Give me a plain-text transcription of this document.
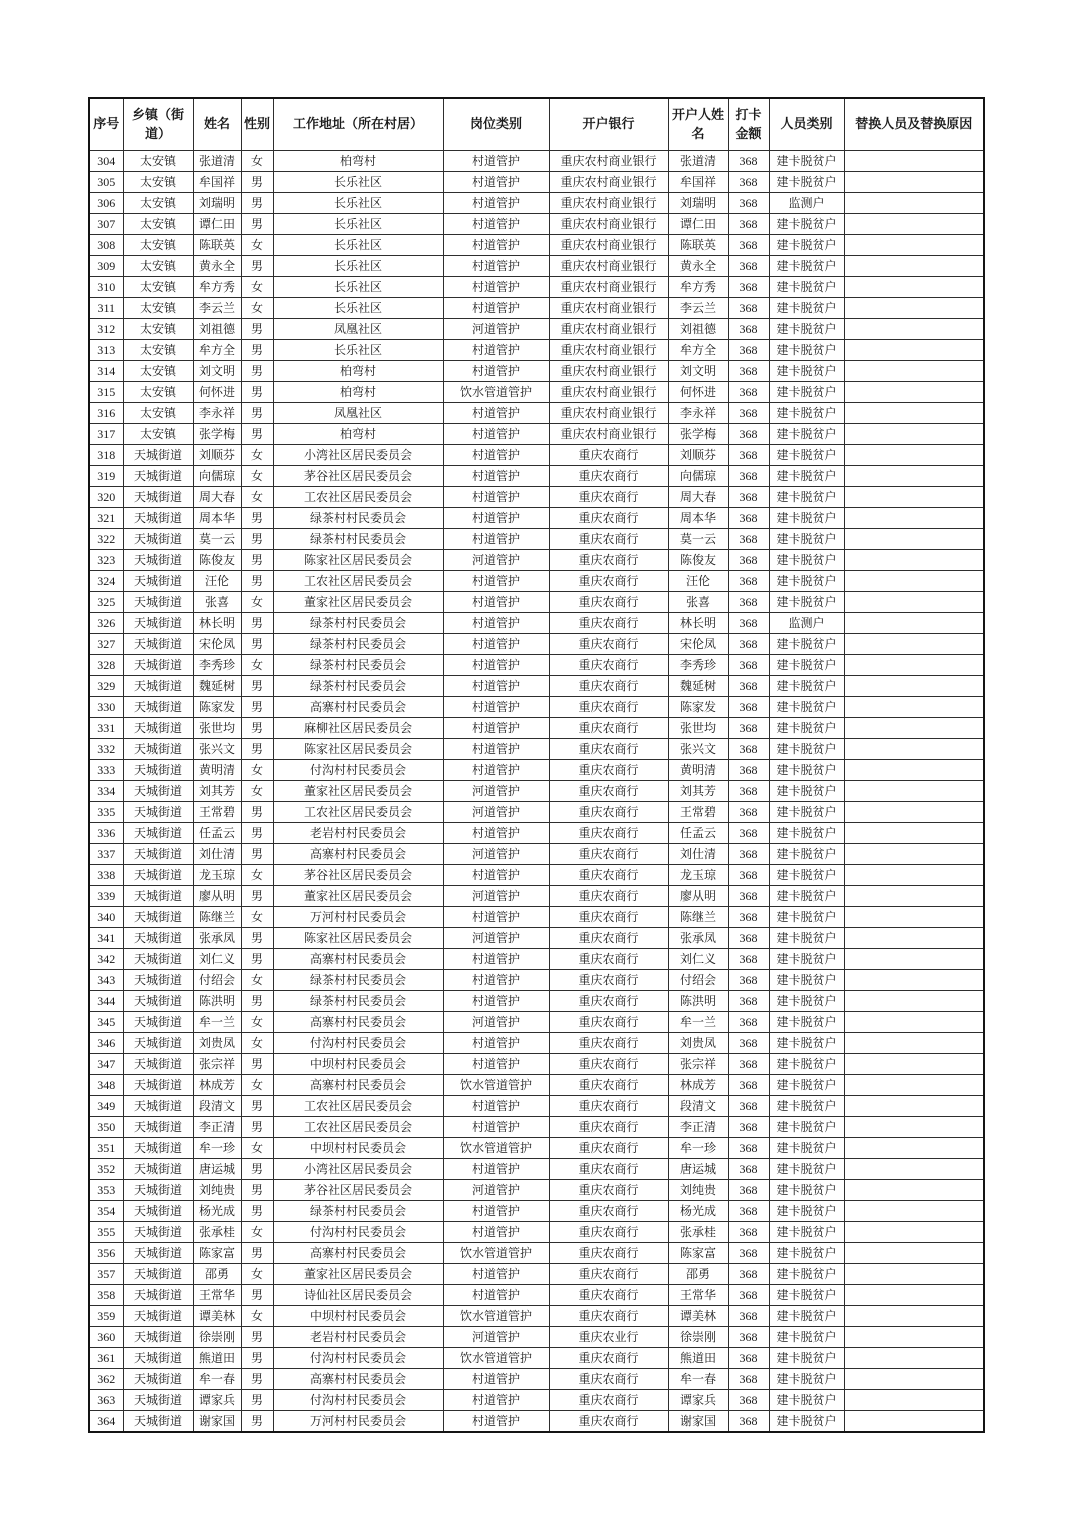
序号	乡镇（街道）	姓名	性别	工作地址（所在村居）	岗位类别	开户银行	开户人姓名	打卡金额	人员类别	替换人员及替换原因
304	太安镇	张道清	女	柏弯村	村道管护	重庆农村商业银行	张道清	368	建卡脱贫户	
305	太安镇	牟国祥	男	长乐社区	村道管护	重庆农村商业银行	牟国祥	368	建卡脱贫户	
306	太安镇	刘瑞明	男	长乐社区	村道管护	重庆农村商业银行	刘瑞明	368	监测户	
307	太安镇	谭仁田	男	长乐社区	村道管护	重庆农村商业银行	谭仁田	368	建卡脱贫户	
308	太安镇	陈联英	女	长乐社区	村道管护	重庆农村商业银行	陈联英	368	建卡脱贫户	
309	太安镇	黄永全	男	长乐社区	村道管护	重庆农村商业银行	黄永全	368	建卡脱贫户	
310	太安镇	牟方秀	女	长乐社区	村道管护	重庆农村商业银行	牟方秀	368	建卡脱贫户	
311	太安镇	李云兰	女	长乐社区	村道管护	重庆农村商业银行	李云兰	368	建卡脱贫户	
312	太安镇	刘祖德	男	凤凰社区	河道管护	重庆农村商业银行	刘祖德	368	建卡脱贫户	
313	太安镇	牟方全	男	长乐社区	村道管护	重庆农村商业银行	牟方全	368	建卡脱贫户	
314	太安镇	刘文明	男	柏弯村	村道管护	重庆农村商业银行	刘文明	368	建卡脱贫户	
315	太安镇	何怀进	男	柏弯村	饮水管道管护	重庆农村商业银行	何怀进	368	建卡脱贫户	
316	太安镇	李永祥	男	凤凰社区	村道管护	重庆农村商业银行	李永祥	368	建卡脱贫户	
317	太安镇	张学梅	男	柏弯村	村道管护	重庆农村商业银行	张学梅	368	建卡脱贫户	
318	天城街道	刘顺芬	女	小湾社区居民委员会	村道管护	重庆农商行	刘顺芬	368	建卡脱贫户	
319	天城街道	向儒琼	女	茅谷社区居民委员会	村道管护	重庆农商行	向儒琼	368	建卡脱贫户	
320	天城街道	周大春	女	工农社区居民委员会	村道管护	重庆农商行	周大春	368	建卡脱贫户	
321	天城街道	周本华	男	绿茶村村民委员会	村道管护	重庆农商行	周本华	368	建卡脱贫户	
322	天城街道	莫一云	男	绿茶村村民委员会	村道管护	重庆农商行	莫一云	368	建卡脱贫户	
323	天城街道	陈俊友	男	陈家社区居民委员会	河道管护	重庆农商行	陈俊友	368	建卡脱贫户	
324	天城街道	汪伦	男	工农社区居民委员会	村道管护	重庆农商行	汪伦	368	建卡脱贫户	
325	天城街道	张喜	女	董家社区居民委员会	村道管护	重庆农商行	张喜	368	建卡脱贫户	
326	天城街道	林长明	男	绿茶村村民委员会	村道管护	重庆农商行	林长明	368	监测户	
327	天城街道	宋伦凤	男	绿茶村村民委员会	村道管护	重庆农商行	宋伦凤	368	建卡脱贫户	
328	天城街道	李秀珍	女	绿茶村村民委员会	村道管护	重庆农商行	李秀珍	368	建卡脱贫户	
329	天城街道	魏延树	男	绿茶村村民委员会	村道管护	重庆农商行	魏延树	368	建卡脱贫户	
330	天城街道	陈家发	男	高寨村村民委员会	村道管护	重庆农商行	陈家发	368	建卡脱贫户	
331	天城街道	张世均	男	麻柳社区居民委员会	村道管护	重庆农商行	张世均	368	建卡脱贫户	
332	天城街道	张兴文	男	陈家社区居民委员会	村道管护	重庆农商行	张兴文	368	建卡脱贫户	
333	天城街道	黄明清	女	付沟村村民委员会	村道管护	重庆农商行	黄明清	368	建卡脱贫户	
334	天城街道	刘其芳	女	董家社区居民委员会	河道管护	重庆农商行	刘其芳	368	建卡脱贫户	
335	天城街道	王常碧	男	工农社区居民委员会	河道管护	重庆农商行	王常碧	368	建卡脱贫户	
336	天城街道	任孟云	男	老岩村村民委员会	村道管护	重庆农商行	任孟云	368	建卡脱贫户	
337	天城街道	刘仕清	男	高寨村村民委员会	河道管护	重庆农商行	刘仕清	368	建卡脱贫户	
338	天城街道	龙玉琼	女	茅谷社区居民委员会	村道管护	重庆农商行	龙玉琼	368	建卡脱贫户	
339	天城街道	廖从明	男	董家社区居民委员会	河道管护	重庆农商行	廖从明	368	建卡脱贫户	
340	天城街道	陈继兰	女	万河村村民委员会	村道管护	重庆农商行	陈继兰	368	建卡脱贫户	
341	天城街道	张承凤	男	陈家社区居民委员会	河道管护	重庆农商行	张承凤	368	建卡脱贫户	
342	天城街道	刘仁义	男	高寨村村民委员会	村道管护	重庆农商行	刘仁义	368	建卡脱贫户	
343	天城街道	付绍会	女	绿茶村村民委员会	村道管护	重庆农商行	付绍会	368	建卡脱贫户	
344	天城街道	陈洪明	男	绿茶村村民委员会	村道管护	重庆农商行	陈洪明	368	建卡脱贫户	
345	天城街道	牟一兰	女	高寨村村民委员会	河道管护	重庆农商行	牟一兰	368	建卡脱贫户	
346	天城街道	刘贵凤	女	付沟村村民委员会	村道管护	重庆农商行	刘贵凤	368	建卡脱贫户	
347	天城街道	张宗祥	男	中坝村村民委员会	村道管护	重庆农商行	张宗祥	368	建卡脱贫户	
348	天城街道	林成芳	女	高寨村村民委员会	饮水管道管护	重庆农商行	林成芳	368	建卡脱贫户	
349	天城街道	段清文	男	工农社区居民委员会	村道管护	重庆农商行	段清文	368	建卡脱贫户	
350	天城街道	李正清	男	工农社区居民委员会	村道管护	重庆农商行	李正清	368	建卡脱贫户	
351	天城街道	牟一珍	女	中坝村村民委员会	饮水管道管护	重庆农商行	牟一珍	368	建卡脱贫户	
352	天城街道	唐运城	男	小湾社区居民委员会	村道管护	重庆农商行	唐运城	368	建卡脱贫户	
353	天城街道	刘纯贵	男	茅谷社区居民委员会	河道管护	重庆农商行	刘纯贵	368	建卡脱贫户	
354	天城街道	杨光成	男	绿茶村村民委员会	村道管护	重庆农商行	杨光成	368	建卡脱贫户	
355	天城街道	张承桂	女	付沟村村民委员会	村道管护	重庆农商行	张承桂	368	建卡脱贫户	
356	天城街道	陈家富	男	高寨村村民委员会	饮水管道管护	重庆农商行	陈家富	368	建卡脱贫户	
357	天城街道	邵勇	女	董家社区居民委员会	村道管护	重庆农商行	邵勇	368	建卡脱贫户	
358	天城街道	王常华	男	诗仙社区居民委员会	村道管护	重庆农商行	王常华	368	建卡脱贫户	
359	天城街道	谭美林	女	中坝村村民委员会	饮水管道管护	重庆农商行	谭美林	368	建卡脱贫户	
360	天城街道	徐崇刚	男	老岩村村民委员会	河道管护	重庆农业行	徐崇刚	368	建卡脱贫户	
361	天城街道	熊道田	男	付沟村村民委员会	饮水管道管护	重庆农商行	熊道田	368	建卡脱贫户	
362	天城街道	牟一春	男	高寨村村民委员会	村道管护	重庆农商行	牟一春	368	建卡脱贫户	
363	天城街道	谭家兵	男	付沟村村民委员会	村道管护	重庆农商行	谭家兵	368	建卡脱贫户	
364	天城街道	谢家国	男	万河村村民委员会	村道管护	重庆农商行	谢家国	368	建卡脱贫户	
